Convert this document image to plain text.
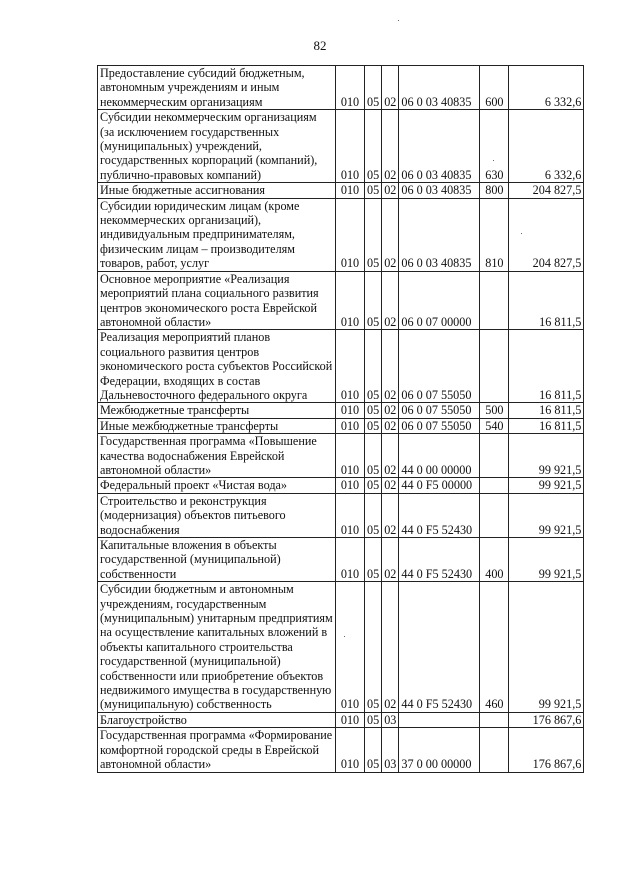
82
Предоставление субсидий бюджетным, автономным учреждениям и иным некоммерческим организациям	010	05	02	06 0 03 40835	600	6 332,6
Субсидии некоммерческим организациям (за исключением государственных (муниципальных) учреждений, государственных корпораций (компаний), публично-правовых компаний)	010	05	02	06 0 03 40835	630	6 332,6
Иные бюджетные ассигнования	010	05	02	06 0 03 40835	800	204 827,5
Субсидии юридическим лицам (кроме некоммерческих организаций), индивидуальным предпринимателям, физическим лицам – производителям товаров, работ, услуг	010	05	02	06 0 03 40835	810	204 827,5
Основное мероприятие «Реализация мероприятий плана социального развития центров экономического роста Еврейской автономной области»	010	05	02	06 0 07 00000		16 811,5
Реализация мероприятий планов социального развития центров экономического роста субъектов Российской Федерации, входящих в состав Дальневосточного федерального округа	010	05	02	06 0 07 55050		16 811,5
Межбюджетные трансферты	010	05	02	06 0 07 55050	500	16 811,5
Иные межбюджетные трансферты	010	05	02	06 0 07 55050	540	16 811,5
Государственная программа «Повышение качества водоснабжения Еврейской автономной области»	010	05	02	44 0 00 00000		99 921,5
Федеральный проект «Чистая вода»	010	05	02	44 0 F5 00000		99 921,5
Строительство и реконструкция (модернизация) объектов питьевого водоснабжения	010	05	02	44 0 F5 52430		99 921,5
Капитальные вложения в объекты государственной (муниципальной) собственности	010	05	02	44 0 F5 52430	400	99 921,5
Субсидии бюджетным и автономным учреждениям, государственным (муниципальным) унитарным предприятиям на осуществление капитальных вложений в объекты капитального строительства государственной (муниципальной) собственности или приобретение объектов недвижимого имущества в государственную (муниципальную) собственность	010	05	02	44 0 F5 52430	460	99 921,5
Благоустройство	010	05	03			176 867,6
Государственная программа «Формирование комфортной городской среды в Еврейской автономной области»	010	05	03	37 0 00 00000		176 867,6
